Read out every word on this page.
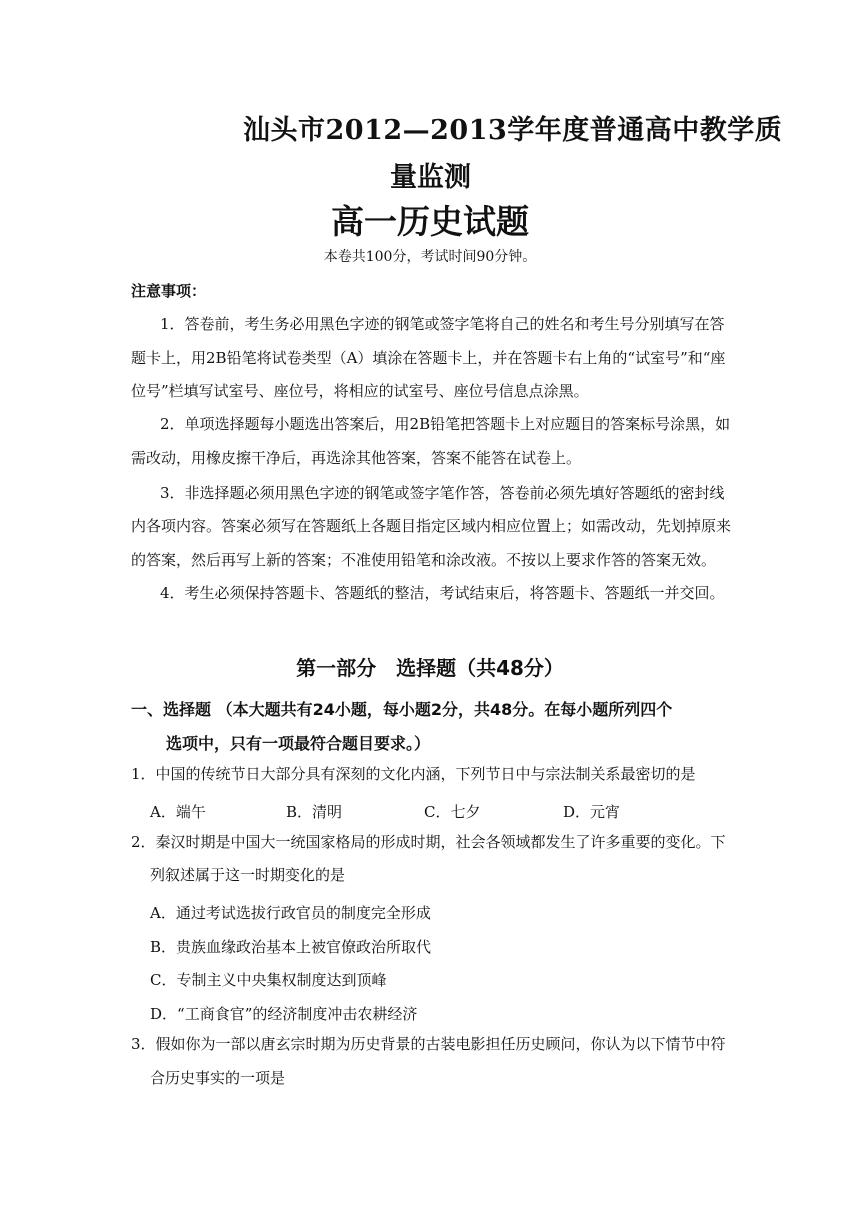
汕头市2012—2013学年度普通高中教学质
量监测
高一历史试题
本卷共100分，考试时间90分钟。
注意事项：
1．答卷前，考生务必用黑色字迹的钢笔或签字笔将自己的姓名和考生号分别填写在答
题卡上，用2B铅笔将试卷类型（A）填涂在答题卡上，并在答题卡右上角的“试室号”和“座
位号”栏填写试室号、座位号，将相应的试室号、座位号信息点涂黑。
2．单项选择题每小题选出答案后，用2B铅笔把答题卡上对应题目的答案标号涂黑，如
需改动，用橡皮擦干净后，再选涂其他答案，答案不能答在试卷上。
3．非选择题必须用黑色字迹的钢笔或签字笔作答，答卷前必须先填好答题纸的密封线
内各项内容。答案必须写在答题纸上各题目指定区域内相应位置上；如需改动，先划掉原来
的答案，然后再写上新的答案；不准使用铅笔和涂改液。不按以上要求作答的答案无效。
4．考生必须保持答题卡、答题纸的整洁，考试结束后，将答题卡、答题纸一并交回。
第一部分　选择题（共48分）
一、选择题 （本大题共有24小题，每小题2分，共48分。在每小题所列四个
选项中，只有一项最符合题目要求。）
1．中国的传统节日大部分具有深刻的文化内涵，下列节日中与宗法制关系最密切的是
A．端午	B．清明	C．七夕	D．元宵
2．秦汉时期是中国大一统国家格局的形成时期，社会各领域都发生了许多重要的变化。下
列叙述属于这一时期变化的是
A．通过考试选拔行政官员的制度完全形成
B．贵族血缘政治基本上被官僚政治所取代
C．专制主义中央集权制度达到顶峰
D．“工商食官”的经济制度冲击农耕经济
3．假如你为一部以唐玄宗时期为历史背景的古装电影担任历史顾问，你认为以下情节中符
合历史事实的一项是
